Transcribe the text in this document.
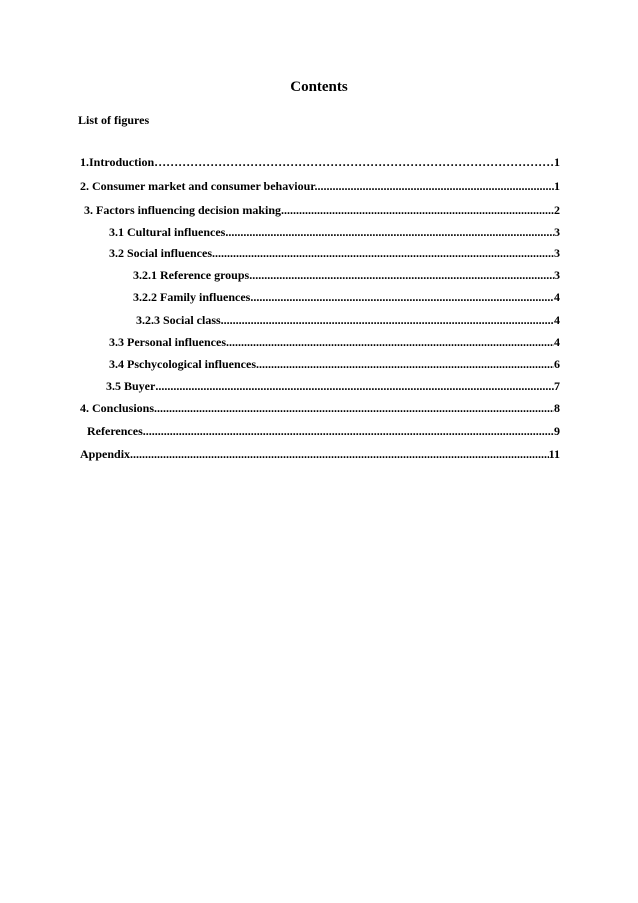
Contents
List of figures
1.Introduction …………………………………………………………………………………………………………………………………………………………………………………	1
2. Consumer market and consumer behaviour. .....	1
3. Factors influencing decision making .....	2
3.1 Cultural influences .....	3
3.2 Social influences .....	3
3.2.1 Reference groups .....	3
3.2.2 Family influences .....	4
3.2.3 Social class. .....	4
3.3 Personal influences .....	4
3.4 Pschycological influences .....	6
3.5 Buyer .....	7
4. Conclusions .....	8
References .....	9
Appendix .....	11
